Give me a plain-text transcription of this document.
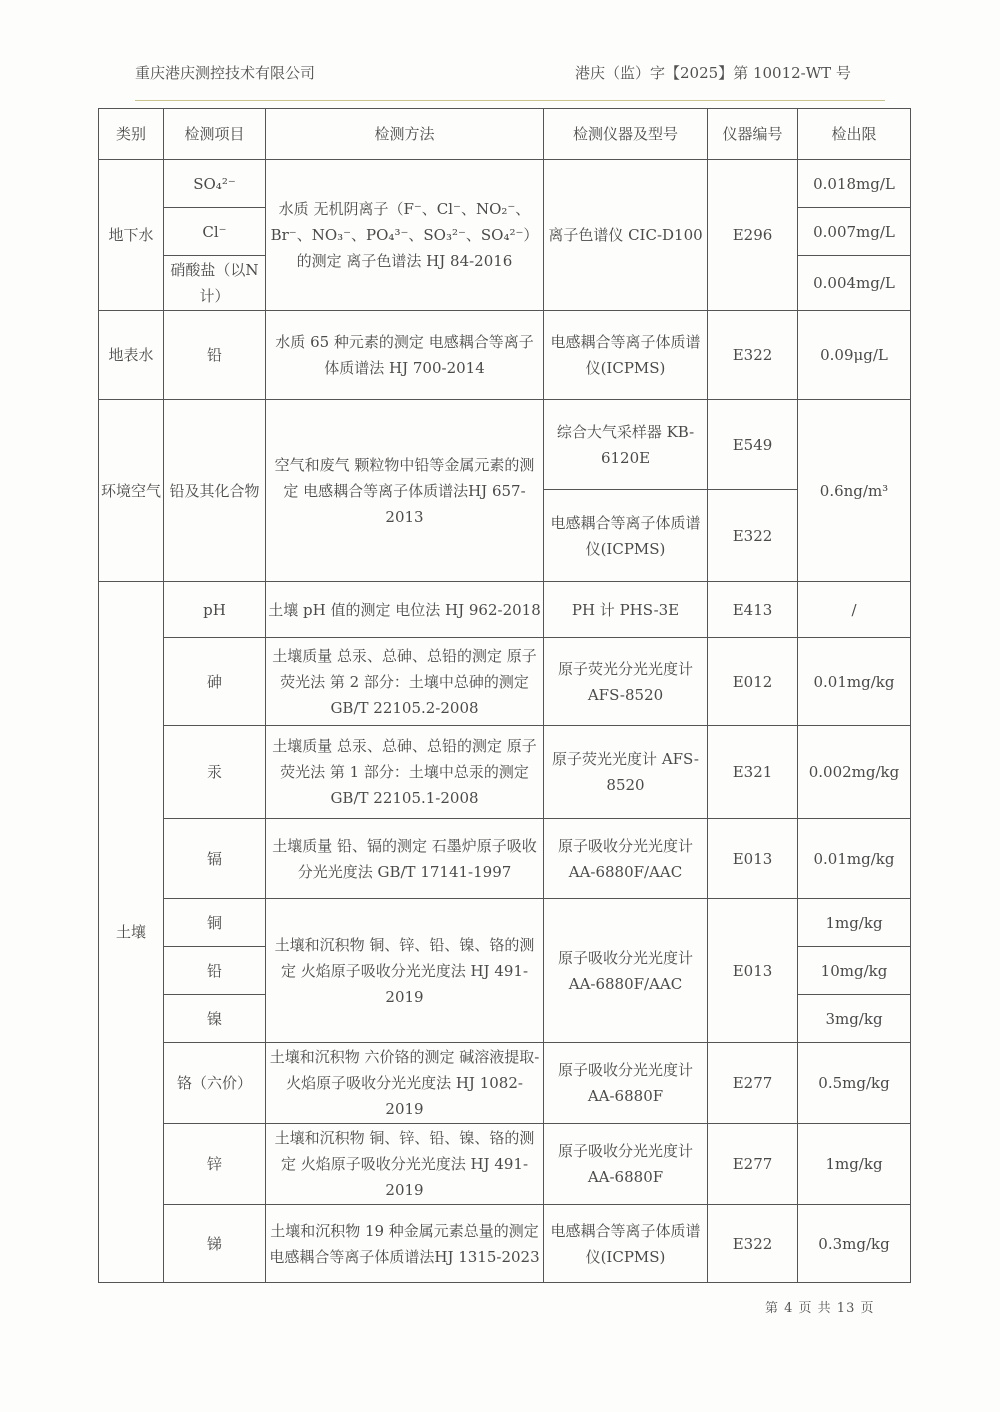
重庆港庆测控技术有限公司	港庆（监）字【2025】第 10012-WT 号
类别	检测项目	检测方法	检测仪器及型号	仪器编号	检出限
地下水	SO₄²⁻	水质 无机阴离子（F⁻、Cl⁻、NO₂⁻、Br⁻、NO₃⁻、PO₄³⁻、SO₃²⁻、SO₄²⁻）的测定 离子色谱法 HJ 84-2016	离子色谱仪 CIC-D100	E296	0.018mg/L
	Cl⁻				0.007mg/L
	硝酸盐（以N计）				0.004mg/L
地表水	铅	水质 65 种元素的测定 电感耦合等离子体质谱法 HJ 700-2014	电感耦合等离子体质谱仪(ICPMS)	E322	0.09μg/L
环境空气	铅及其化合物	空气和废气 颗粒物中铅等金属元素的测定 电感耦合等离子体质谱法HJ 657-2013	综合大气采样器 KB-6120E	E549	0.6ng/m³
			电感耦合等离子体质谱仪(ICPMS)	E322	
土壤	pH	土壤 pH 值的测定 电位法 HJ 962-2018	PH 计 PHS-3E	E413	/
	砷	土壤质量 总汞、总砷、总铅的测定 原子荧光法 第 2 部分：土壤中总砷的测定 GB/T 22105.2-2008	原子荧光分光光度计 AFS-8520	E012	0.01mg/kg
	汞	土壤质量 总汞、总砷、总铅的测定 原子荧光法 第 1 部分：土壤中总汞的测定 GB/T 22105.1-2008	原子荧光光度计 AFS-8520	E321	0.002mg/kg
	镉	土壤质量 铅、镉的测定 石墨炉原子吸收分光光度法 GB/T 17141-1997	原子吸收分光光度计 AA-6880F/AAC	E013	0.01mg/kg
	铜	土壤和沉积物 铜、锌、铅、镍、铬的测定 火焰原子吸收分光光度法 HJ 491-2019	原子吸收分光光度计 AA-6880F/AAC	E013	1mg/kg
	铅				10mg/kg
	镍				3mg/kg
	铬（六价）	土壤和沉积物 六价铬的测定 碱溶液提取-火焰原子吸收分光光度法 HJ 1082-2019	原子吸收分光光度计 AA-6880F	E277	0.5mg/kg
	锌	土壤和沉积物 铜、锌、铅、镍、铬的测定 火焰原子吸收分光光度法 HJ 491-2019	原子吸收分光光度计 AA-6880F	E277	1mg/kg
	锑	土壤和沉积物 19 种金属元素总量的测定 电感耦合等离子体质谱法HJ 1315-2023	电感耦合等离子体质谱仪(ICPMS)	E322	0.3mg/kg
第 4 页 共 13 页
